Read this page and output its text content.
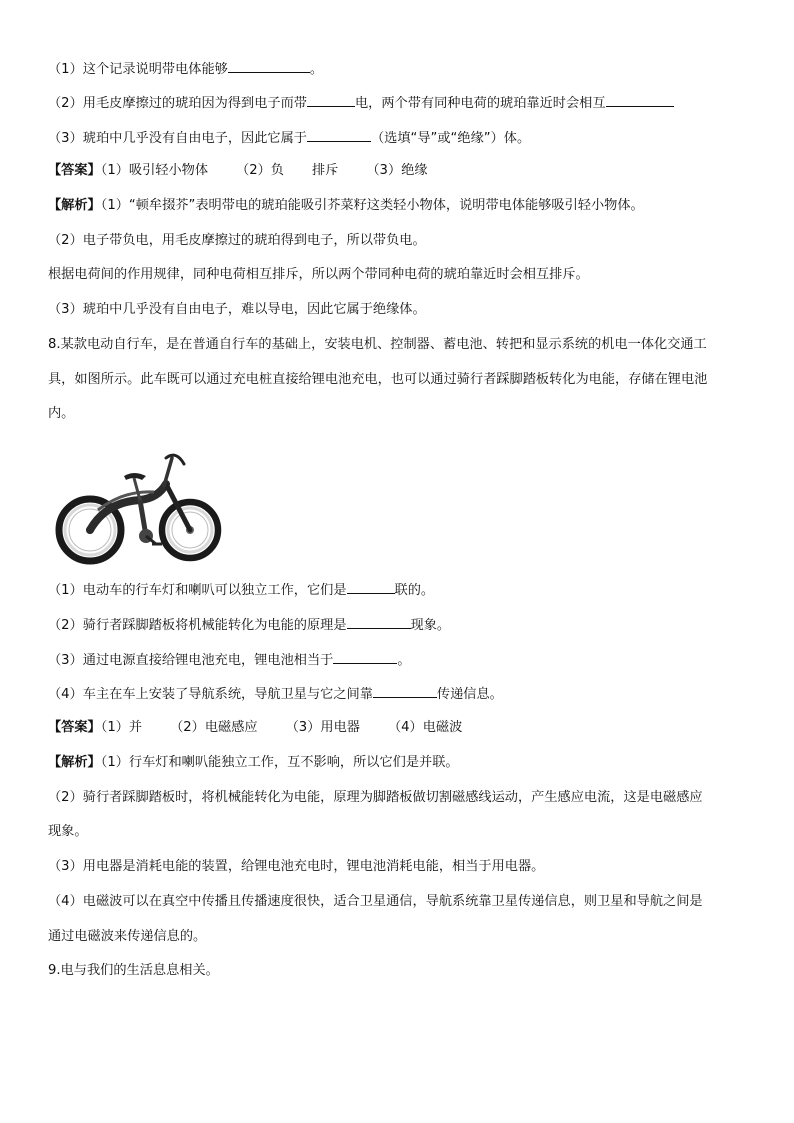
（1）这个记录说明带电体能够	。
（2）用毛皮摩擦过的琥珀因为得到电子而带	电，两个带有同种电荷的琥珀靠近时会相互
（3）琥珀中几乎没有自由电子，因此它属于	（选填“导”或“绝缘”）体。
【答案】（1）吸引轻小物体 （2）负 排斥 （3）绝缘
【解析】（1）“顿牟掇芥”表明带电的琥珀能吸引芥菜籽这类轻小物体，说明带电体能够吸引轻小物体。
（2）电子带负电，用毛皮摩擦过的琥珀得到电子，所以带负电。
根据电荷间的作用规律，同种电荷相互排斥，所以两个带同种电荷的琥珀靠近时会相互排斥。
（3）琥珀中几乎没有自由电子，难以导电，因此它属于绝缘体。
8.某款电动自行车，是在普通自行车的基础上，安装电机、控制器、蓄电池、转把和显示系统的机电一体化交通工
具，如图所示。此车既可以通过充电桩直接给锂电池充电，也可以通过骑行者踩脚踏板转化为电能，存储在锂电池
内。
（1）电动车的行车灯和喇叭可以独立工作，它们是	联的。
（2）骑行者踩脚踏板将机械能转化为电能的原理是	现象。
（3）通过电源直接给锂电池充电，锂电池相当于	。
（4）车主在车上安装了导航系统，导航卫星与它之间靠	传递信息。
【答案】（1）并 （2）电磁感应 （3）用电器 （4）电磁波
【解析】（1）行车灯和喇叭能独立工作，互不影响，所以它们是并联。
（2）骑行者踩脚踏板时，将机械能转化为电能，原理为脚踏板做切割磁感线运动，产生感应电流，这是电磁感应
现象。
（3）用电器是消耗电能的装置，给锂电池充电时，锂电池消耗电能，相当于用电器。
（4）电磁波可以在真空中传播且传播速度很快，适合卫星通信，导航系统靠卫星传递信息，则卫星和导航之间是
通过电磁波来传递信息的。
9.电与我们的生活息息相关。
